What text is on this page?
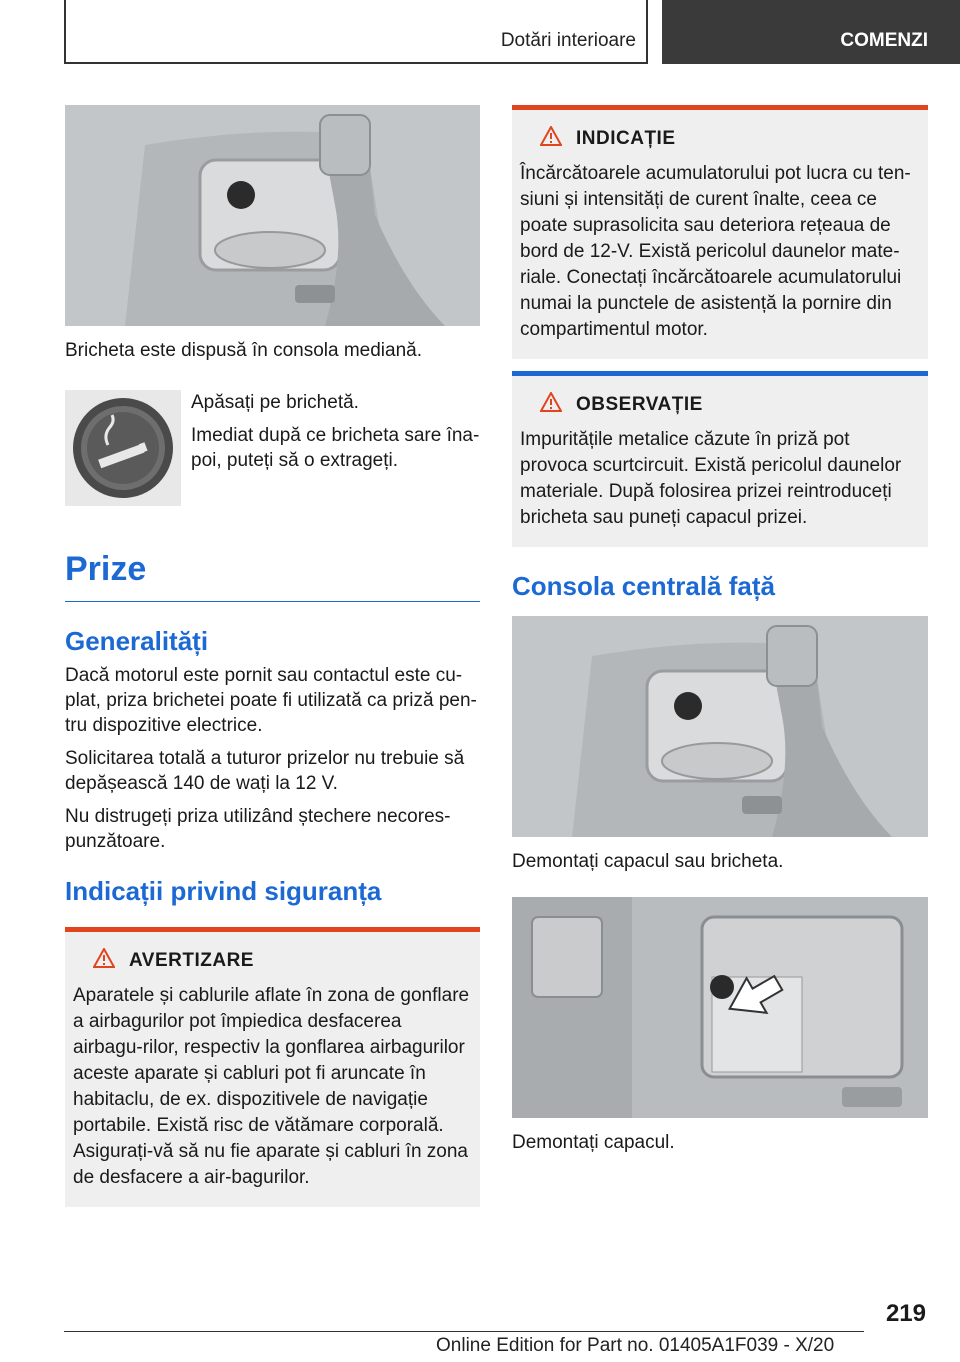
Dotări interioare	COMENZI

Bricheta este dispusă în consola mediană.

Apăsați pe brichetă.

Imediat după ce bricheta sare îna-poi, puteți să o extrageți.

Prize
Generalități

Dacă motorul este pornit sau contactul este cu-plat, priza brichetei poate fi utilizată ca priză pen-tru dispozitive electrice.

Solicitarea totală a tuturor prizelor nu trebuie să depășească 140 de wați la 12 V.

Nu distrugeți priza utilizând ștechere necores-punzătoare.

Indicații privind siguranța
AVERTIZARE
Aparatele și cablurile aflate în zona de gonflare a airbagurilor pot împiedica desfacerea airbagu-rilor, respectiv la gonflarea airbagurilor aceste aparate și cabluri pot fi aruncate în habitaclu, de ex. dispozitivele de navigație portabile. Există risc de vătămare corporală. Asigurați-vă să nu fie aparate și cabluri în zona de desfacere a air-bagurilor.
INDICAȚIE
Încărcătoarele acumulatorului pot lucra cu ten-siuni și intensități de curent înalte, ceea ce poate suprasolicita sau deteriora rețeaua de bord de 12-V. Există pericolul daunelor mate-riale. Conectați încărcătoarele acumulatorului numai la punctele de asistență la pornire din compartimentul motor.
OBSERVAȚIE
Impuritățile metalice căzute în priză pot provoca scurtcircuit. Există pericolul daunelor materiale. După folosirea prizei reintroduceți bricheta sau puneți capacul prizei.
Consola centrală față

Demontați capacul sau bricheta.

Demontați capacul.

219
Online Edition for Part no. 01405A1F039 - X/20
